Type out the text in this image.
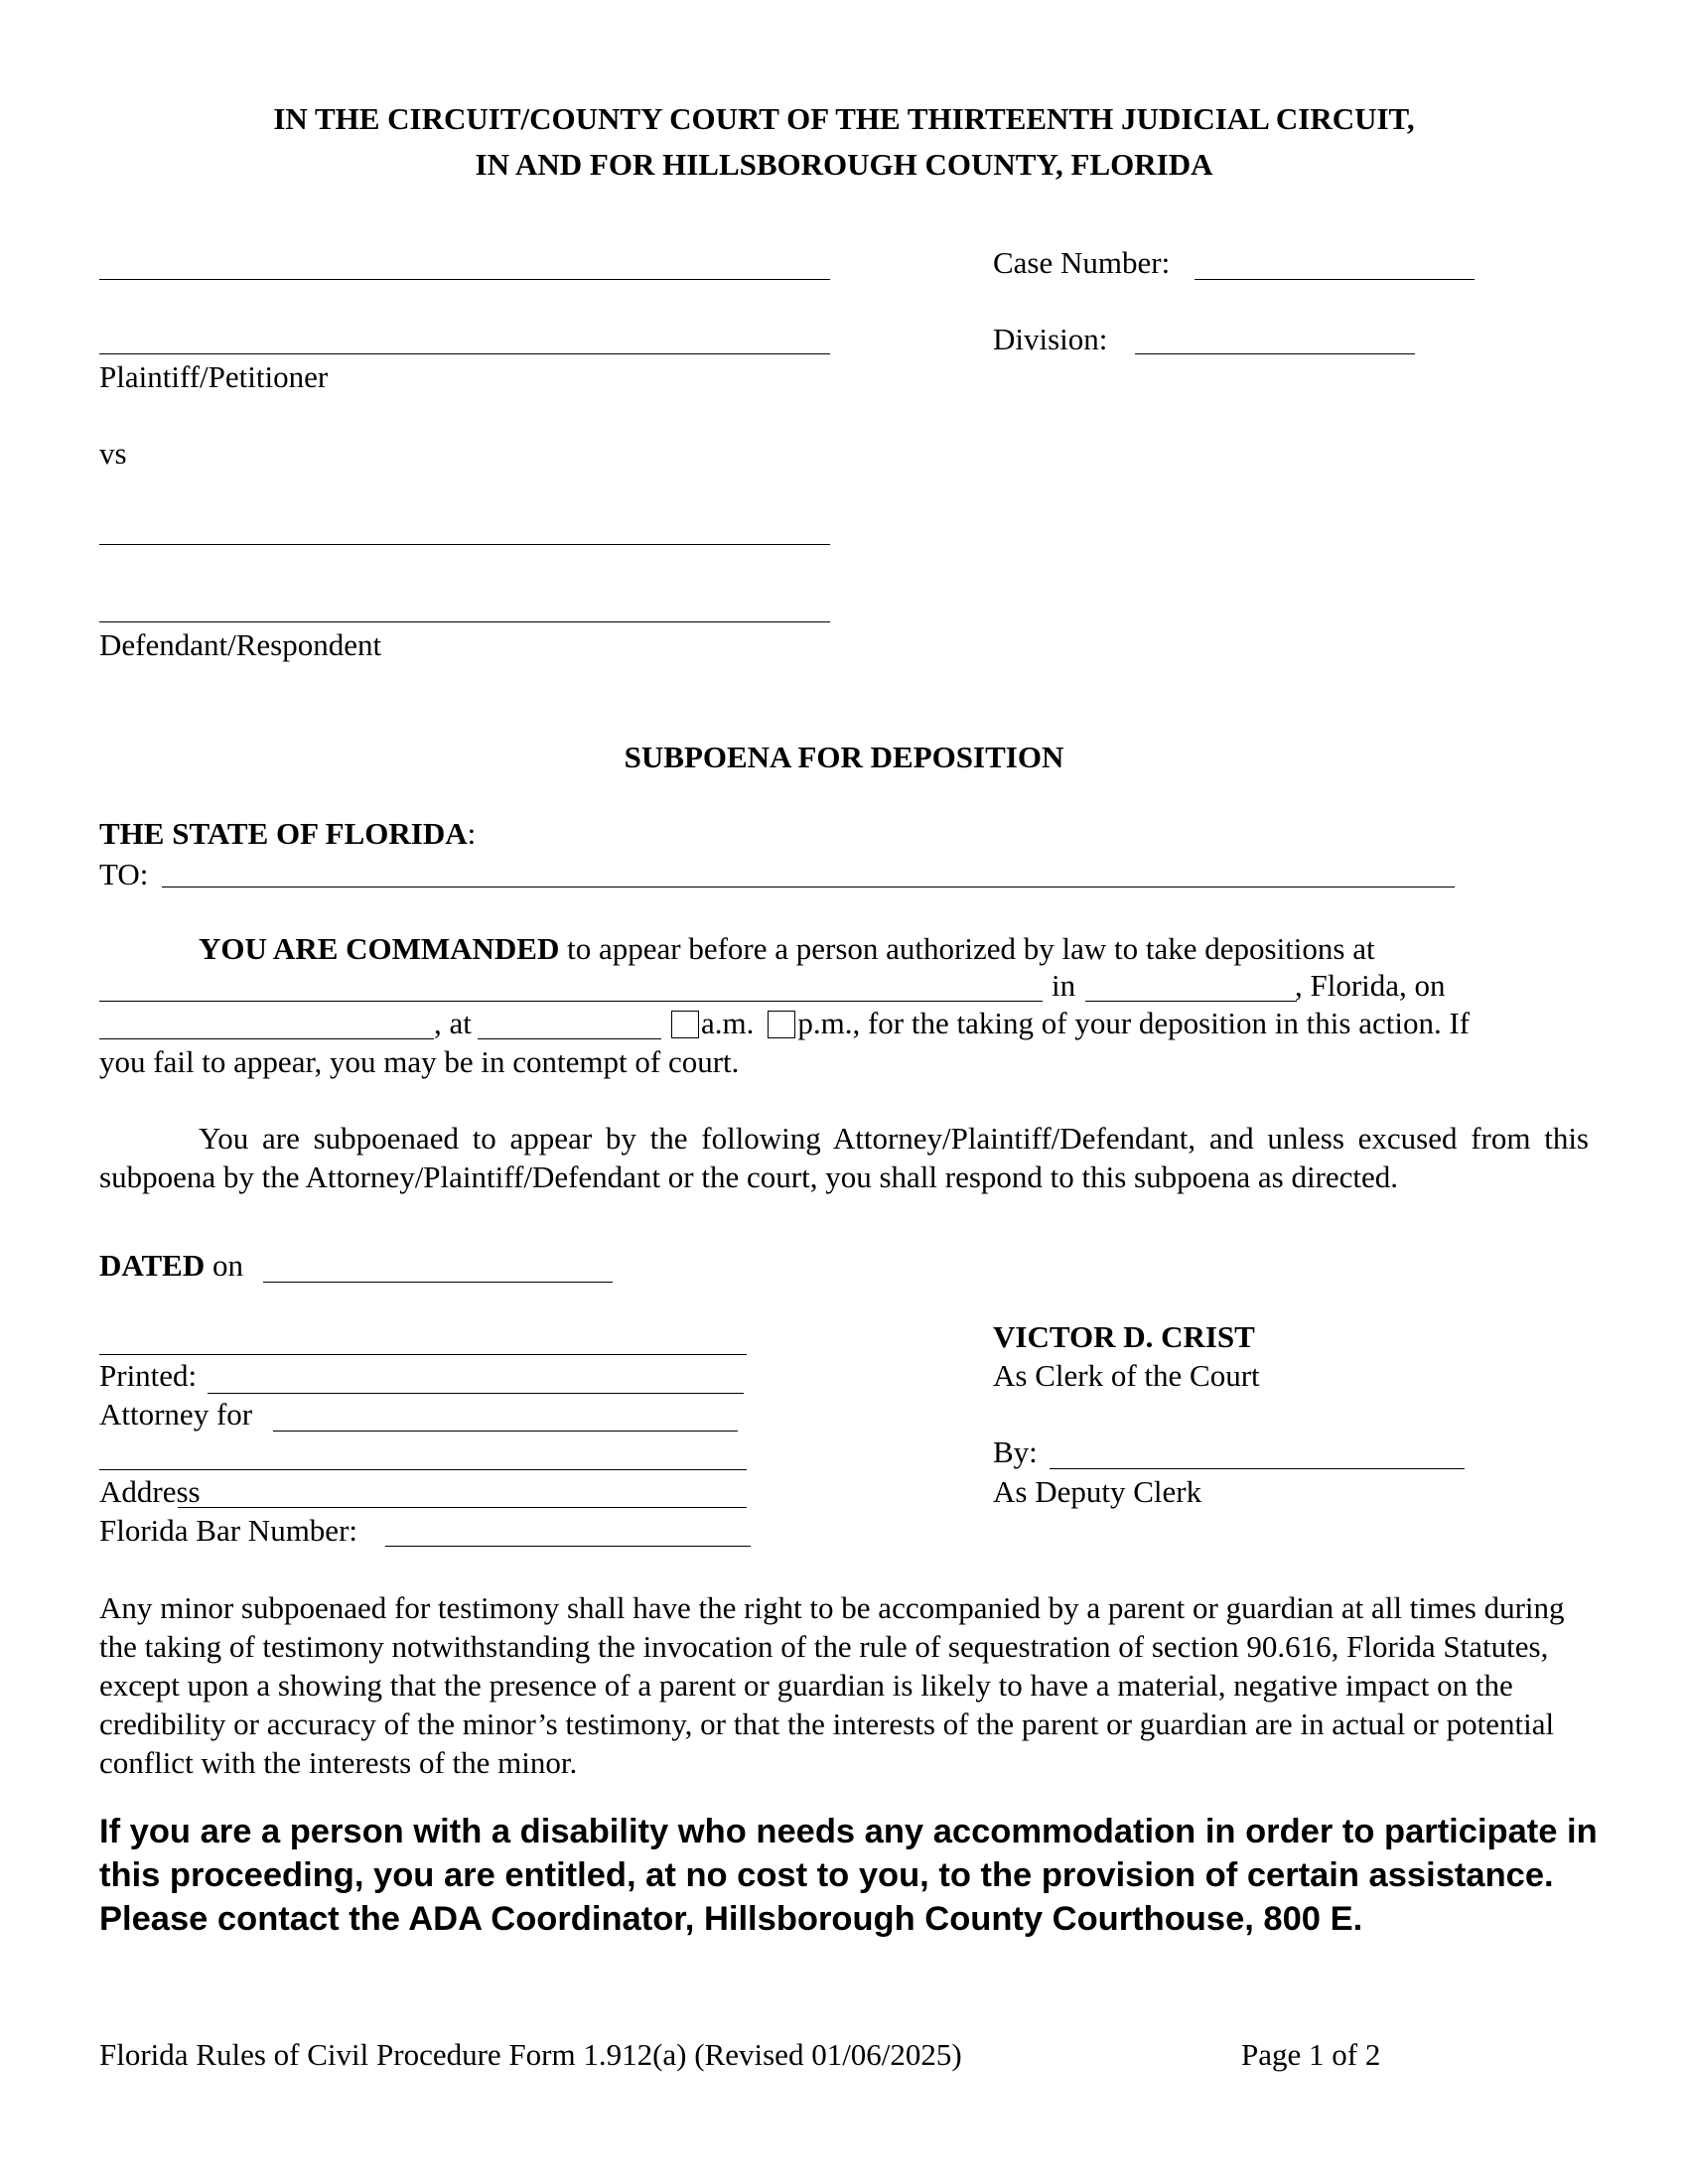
IN THE CIRCUIT/COUNTY COURT OF THE THIRTEENTH JUDICIAL CIRCUIT,
IN AND FOR HILLSBOROUGH COUNTY, FLORIDA
Plaintiff/Petitioner
vs
Defendant/Respondent
Case Number:
Division:
SUBPOENA FOR DEPOSITION
THE STATE OF FLORIDA:
TO:
YOU ARE COMMANDED to appear before a person authorized by law to take depositions at
in	, Florida, on
, at	a.m. p.m., for the taking of your deposition in this action. If
you fail to appear, you may be in contempt of court.
You are subpoenaed to appear by the following Attorney/Plaintiff/Defendant, and unless excused from this subpoena by the Attorney/Plaintiff/Defendant or the court, you shall respond to this subpoena as directed.
DATED on
Printed:
Attorney for
Address
Florida Bar Number:
VICTOR D. CRIST
As Clerk of the Court
By:
As Deputy Clerk
Any minor subpoenaed for testimony shall have the right to be accompanied by a parent or guardian at all times during the taking of testimony notwithstanding the invocation of the rule of sequestration of section 90.616, Florida Statutes, except upon a showing that the presence of a parent or guardian is likely to have a material, negative impact on the credibility or accuracy of the minor’s testimony, or that the interests of the parent or guardian are in actual or potential conflict with the interests of the minor.
If you are a person with a disability who needs any accommodation in order to participate in this proceeding, you are entitled, at no cost to you, to the provision of certain assistance. Please contact the ADA Coordinator, Hillsborough County Courthouse, 800 E.
Florida Rules of Civil Procedure Form 1.912(a) (Revised 01/06/2025)	Page 1 of 2
